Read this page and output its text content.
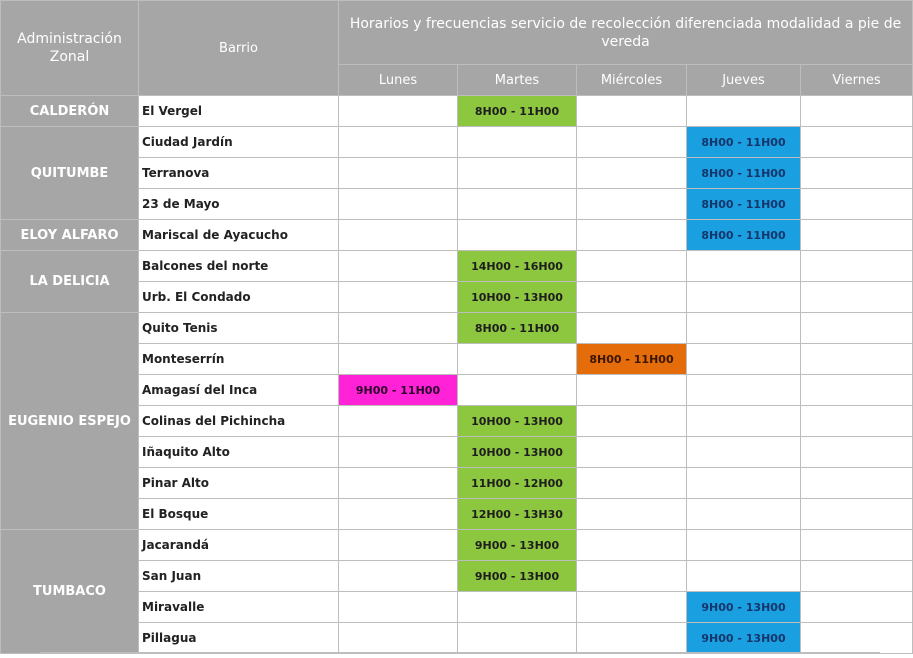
Administración Zonal	Barrio	Horarios y frecuencias servicio de recolección diferenciada modalidad a pie de vereda				
		Lunes	Martes	Miércoles	Jueves	Viernes
CALDERÓN	El Vergel		8H00 - 11H00			
QUITUMBE	Ciudad Jardín				8H00 - 11H00	
	Terranova				8H00 - 11H00	
	23 de Mayo				8H00 - 11H00	
ELOY ALFARO	Mariscal de Ayacucho				8H00 - 11H00	
LA DELICIA	Balcones del norte		14H00 - 16H00			
	Urb. El Condado		10H00 - 13H00			
EUGENIO ESPEJO	Quito Tenis		8H00 - 11H00			
	Monteserrín			8H00 - 11H00		
	Amagasí del Inca	9H00 - 11H00				
	Colinas del Pichincha		10H00 - 13H00			
	Iñaquito Alto		10H00 - 13H00			
	Pinar Alto		11H00 - 12H00			
	El Bosque		12H00 - 13H30			
TUMBACO	Jacarandá		9H00 - 13H00			
	San Juan		9H00 - 13H00			
	Miravalle				9H00 - 13H00	
	Pillagua				9H00 - 13H00	
